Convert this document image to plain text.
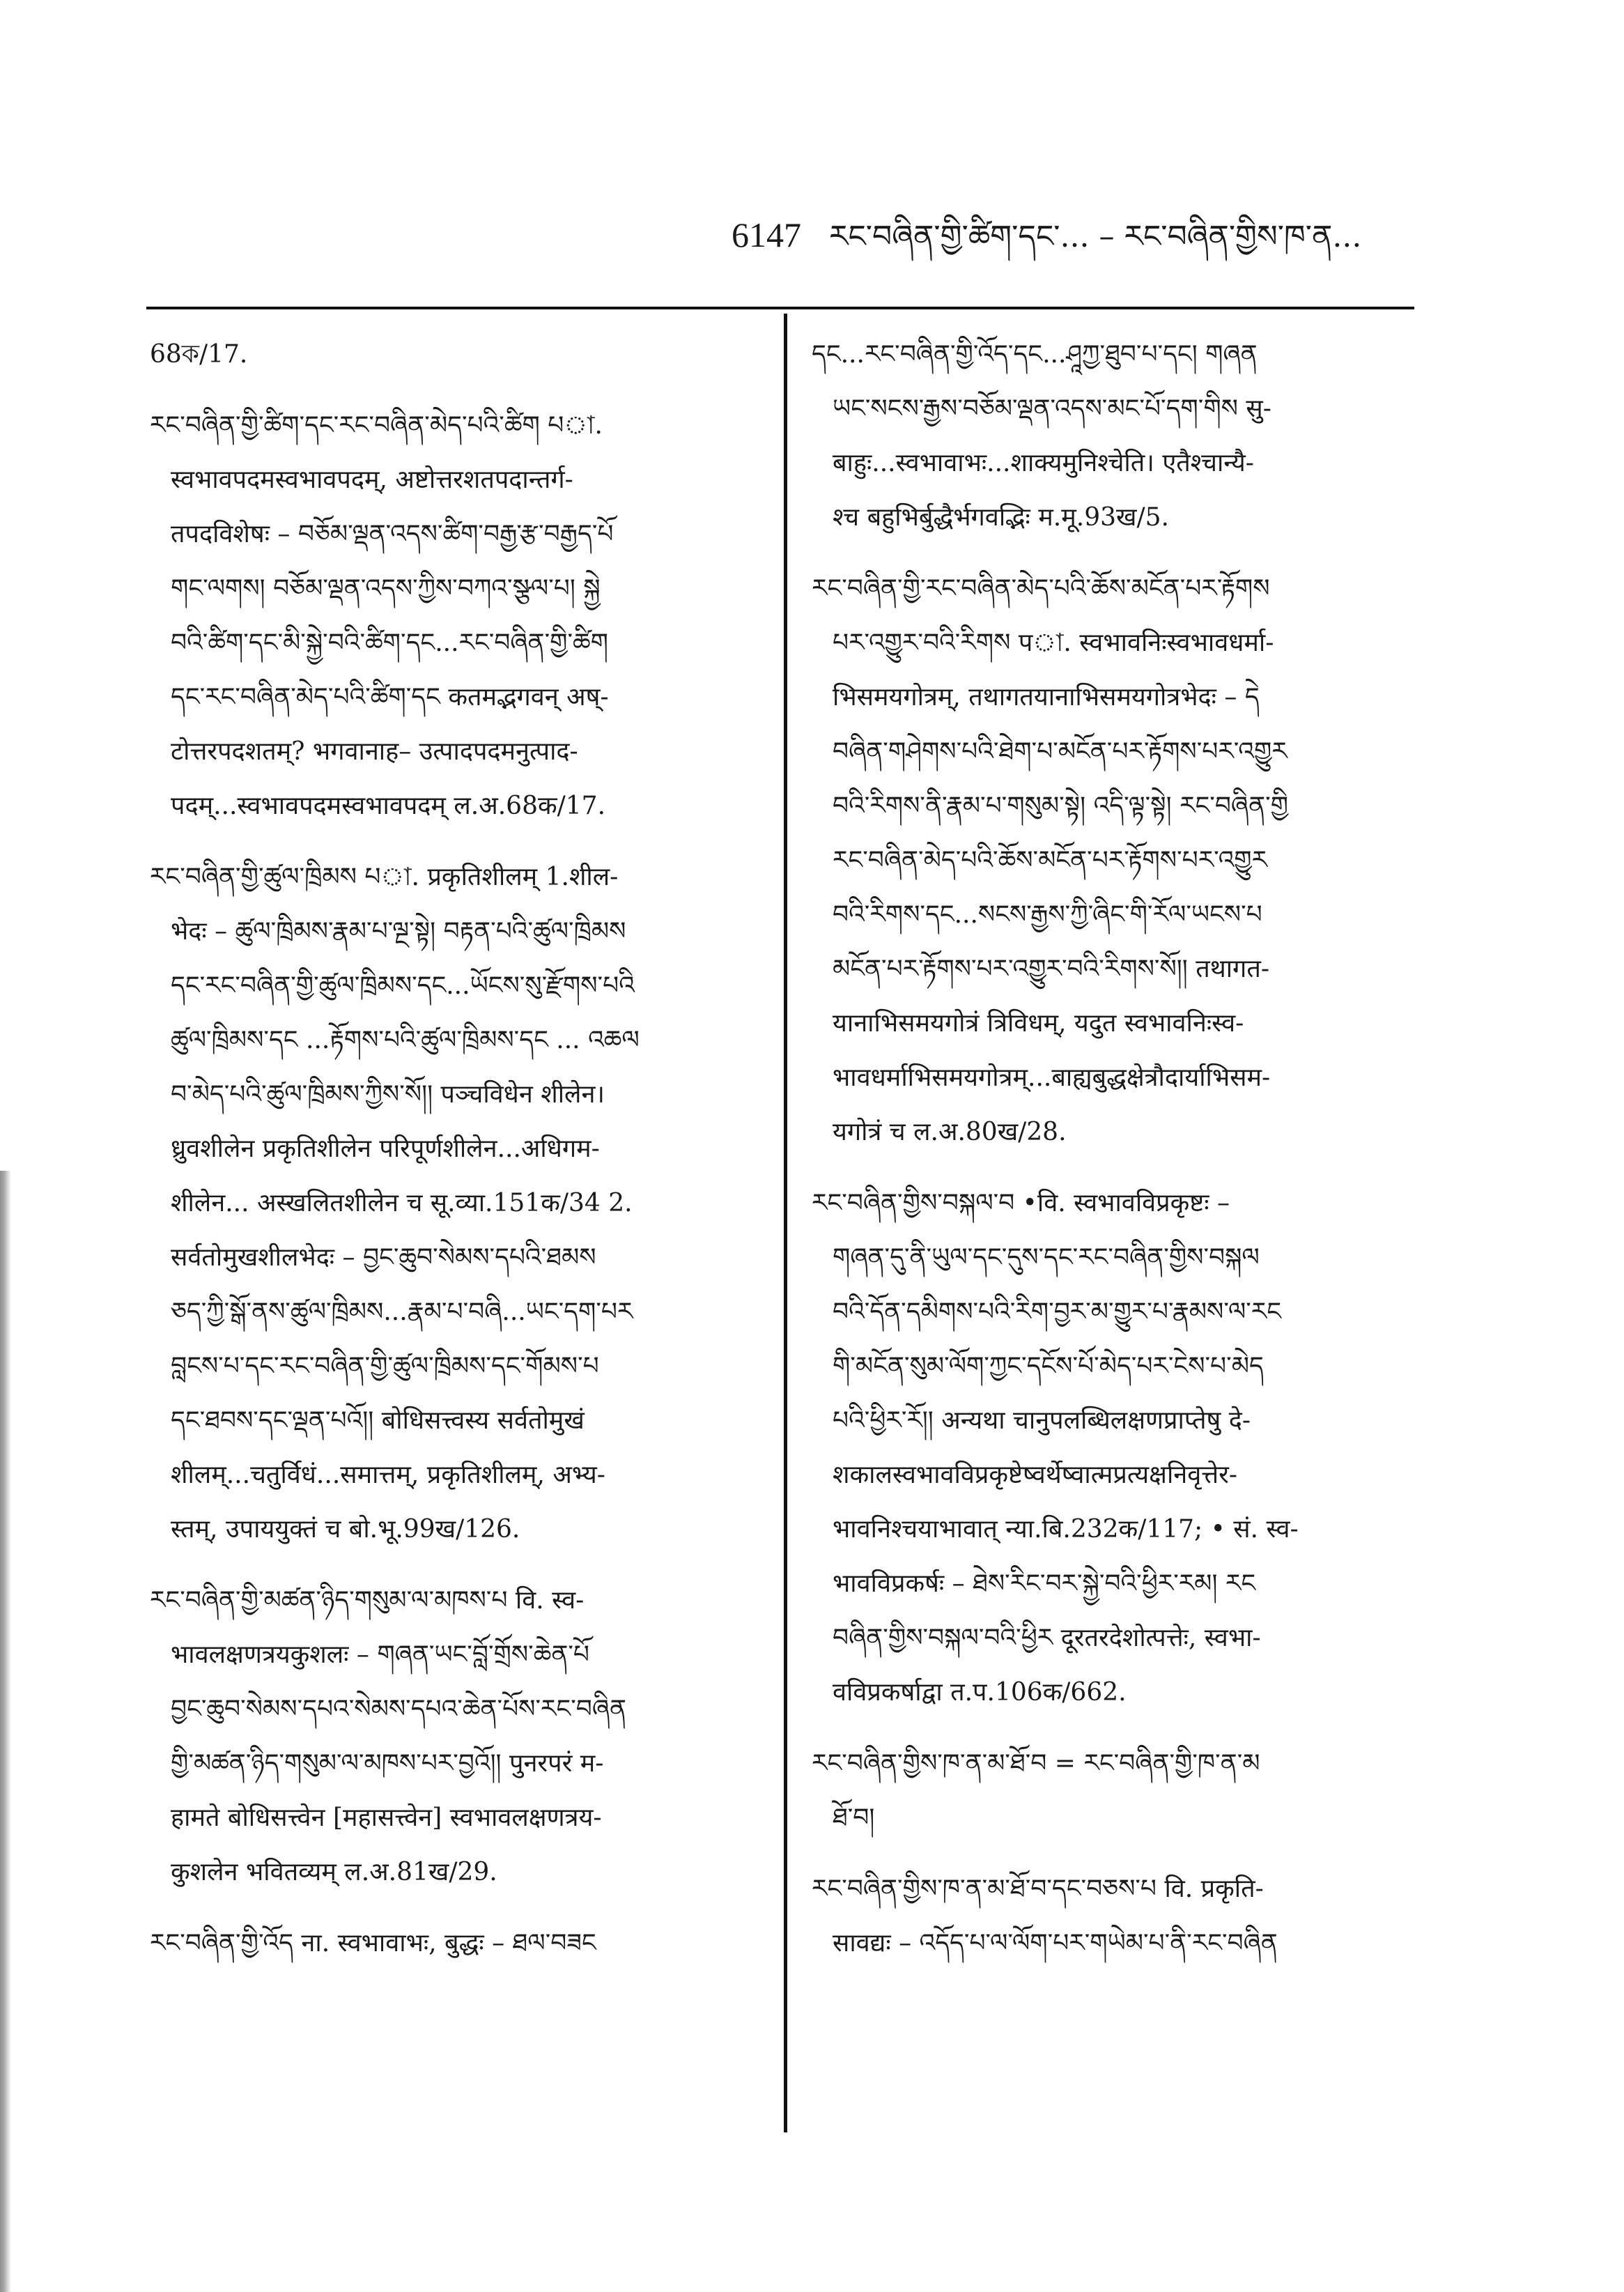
6147 རང་བཞིན་གྱི་ཚིག་དང་... – རང་བཞིན་གྱིས་ཁ་ན...
68ক/17.
རང་བཞིན་གྱི་ཚིག་དང་རང་བཞིན་མེད་པའི་ཚིག པা.
स्वभावपदमस्वभावपदम्, अष्टोत्तरशतपदान्तर्ग-
तपदविशेषः – བཅོམ་ལྡན་འདས་ཚིག་བརྒྱ་རྩ་བརྒྱད་པོ
གང་ལགས། བཅོམ་ལྡན་འདས་ཀྱིས་བཀའ་སྩལ་པ། སྐྱེ
བའི་ཚིག་དང་མི་སྐྱེ་བའི་ཚིག་དང...རང་བཞིན་གྱི་ཚིག
དང་རང་བཞིན་མེད་པའི་ཚིག་དང कतमद्भगवन् अष्-
टोत्तरपदशतम्? भगवानाह– उत्पादपदमनुत्पाद-
पदम्...स्वभावपदमस्वभावपदम् ल.अ.68क/17.
རང་བཞིན་གྱི་ཚུལ་ཁྲིམས པা. प्रकृतिशीलम् 1.शील-
भेदः – ཚུལ་ཁྲིམས་རྣམ་པ་ལྔ་སྟེ། བརྟན་པའི་ཚུལ་ཁྲིམས
དང་རང་བཞིན་གྱི་ཚུལ་ཁྲིམས་དང...ཡོངས་སུ་རྫོགས་པའི
ཚུལ་ཁྲིམས་དང ...རྟོགས་པའི་ཚུལ་ཁྲིམས་དང ... འཆལ
བ་མེད་པའི་ཚུལ་ཁྲིམས་ཀྱིས་སོ།། पञ्चविधेन शीलेन।
ध्रुवशीलेन प्रकृतिशीलेन परिपूर्णशीलेन...अधिगम-
शीलेन... अस्खलितशीलेन च सू.व्या.151क/34 2.
सर्वतोमुखशीलभेदः – བྱང་ཆུབ་སེམས་དཔའི་ཐམས
ཅད་ཀྱི་སྒོ་ནས་ཚུལ་ཁྲིམས...རྣམ་པ་བཞི...ཡང་དག་པར
བླངས་པ་དང་རང་བཞིན་གྱི་ཚུལ་ཁྲིམས་དང་གོམས་པ
དང་ཐབས་དང་ལྡན་པའོ།། बोधिसत्त्वस्य सर्वतोमुखं
शीलम्...चतुर्विधं...समात्तम्, प्रकृतिशीलम्, अभ्य-
स्तम्, उपाययुक्तं च बो.भू.99ख/126.
རང་བཞིན་གྱི་མཚན་ཉིད་གསུམ་ལ་མཁས་པ वि. स्व-
भावलक्षणत्रयकुशलः – གཞན་ཡང་བློ་གྲོས་ཆེན་པོ
བྱང་ཆུབ་སེམས་དཔའ་སེམས་དཔའ་ཆེན་པོས་རང་བཞིན
གྱི་མཚན་ཉིད་གསུམ་ལ་མཁས་པར་བྱའོ།། पुनरपरं म-
हामते बोधिसत्त्वेन [महासत्त्वेन] स्वभावलक्षणत्रय-
कुशलेन भवितव्यम् ल.अ.81ख/29.
རང་བཞིན་གྱི་འོད ना. स्वभावाभः, बुद्धः – ཐལ་བཟང
དང...རང་བཞིན་གྱི་འོད་དང...ཤཱཀྱ་ཐུབ་པ་དང། གཞན
ཡང་སངས་རྒྱས་བཅོམ་ལྡན་འདས་མང་པོ་དག་གིས सु-
बाहुः...स्वभावाभः...शाक्यमुनिश्चेति। एतैश्चान्यै-
श्च बहुभिर्बुद्धैर्भगवद्भिः म.मू.93ख/5.
རང་བཞིན་གྱི་རང་བཞིན་མེད་པའི་ཆོས་མངོན་པར་རྟོགས
པར་འགྱུར་བའི་རིགས पা. स्वभावनिःस्वभावधर्मा-
भिसमयगोत्रम्, तथागतयानाभिसमयगोत्रभेदः – དེ
བཞིན་གཤེགས་པའི་ཐེག་པ་མངོན་པར་རྟོགས་པར་འགྱུར
བའི་རིགས་ནི་རྣམ་པ་གསུམ་སྟེ། འདི་ལྟ་སྟེ། རང་བཞིན་གྱི
རང་བཞིན་མེད་པའི་ཆོས་མངོན་པར་རྟོགས་པར་འགྱུར
བའི་རིགས་དང...སངས་རྒྱས་ཀྱི་ཞིང་གི་རོལ་ཡངས་པ
མངོན་པར་རྟོགས་པར་འགྱུར་བའི་རིགས་སོ།། तथागत-
यानाभिसमयगोत्रं त्रिविधम्, यदुत स्वभावनिःस्व-
भावधर्माभिसमयगोत्रम्...बाह्यबुद्धक्षेत्रौदार्याभिसम-
यगोत्रं च ल.अ.80ख/28.
རང་བཞིན་གྱིས་བསྐལ་བ •वि. स्वभावविप्रकृष्टः –
གཞན་དུ་ནི་ཡུལ་དང་དུས་དང་རང་བཞིན་གྱིས་བསྐལ
བའི་དོན་དམིགས་པའི་རིག་བྱར་མ་གྱུར་པ་རྣམས་ལ་རང
གི་མངོན་སུམ་ལོག་ཀྱང་དངོས་པོ་མེད་པར་ངེས་པ་མེད
པའི་ཕྱིར་རོ།། अन्यथा चानुपलब्धिलक्षणप्राप्तेषु दे-
शकालस्वभावविप्रकृष्टेष्वर्थेष्वात्मप्रत्यक्षनिवृत्तेर-
भावनिश्चयाभावात् न्या.बि.232क/117; • सं. स्व-
भावविप्रकर्षः – ཐེས་རིང་བར་སྐྱེ་བའི་ཕྱིར་རམ། རང
བཞིན་གྱིས་བསྐལ་བའི་ཕྱིར दूरतरदेशोत्पत्तेः, स्वभा-
वविप्रकर्षाद्वा त.प.106क/662.
རང་བཞིན་གྱིས་ཁ་ན་མ་ཐོ་བ = རང་བཞིན་གྱི་ཁ་ན་མ
ཐོ་བ།
རང་བཞིན་གྱིས་ཁ་ན་མ་ཐོ་བ་དང་བཅས་པ वि. प्रकृति-
सावद्यः – འདོད་པ་ལ་ལོག་པར་གཡེམ་པ་ནི་རང་བཞིན
